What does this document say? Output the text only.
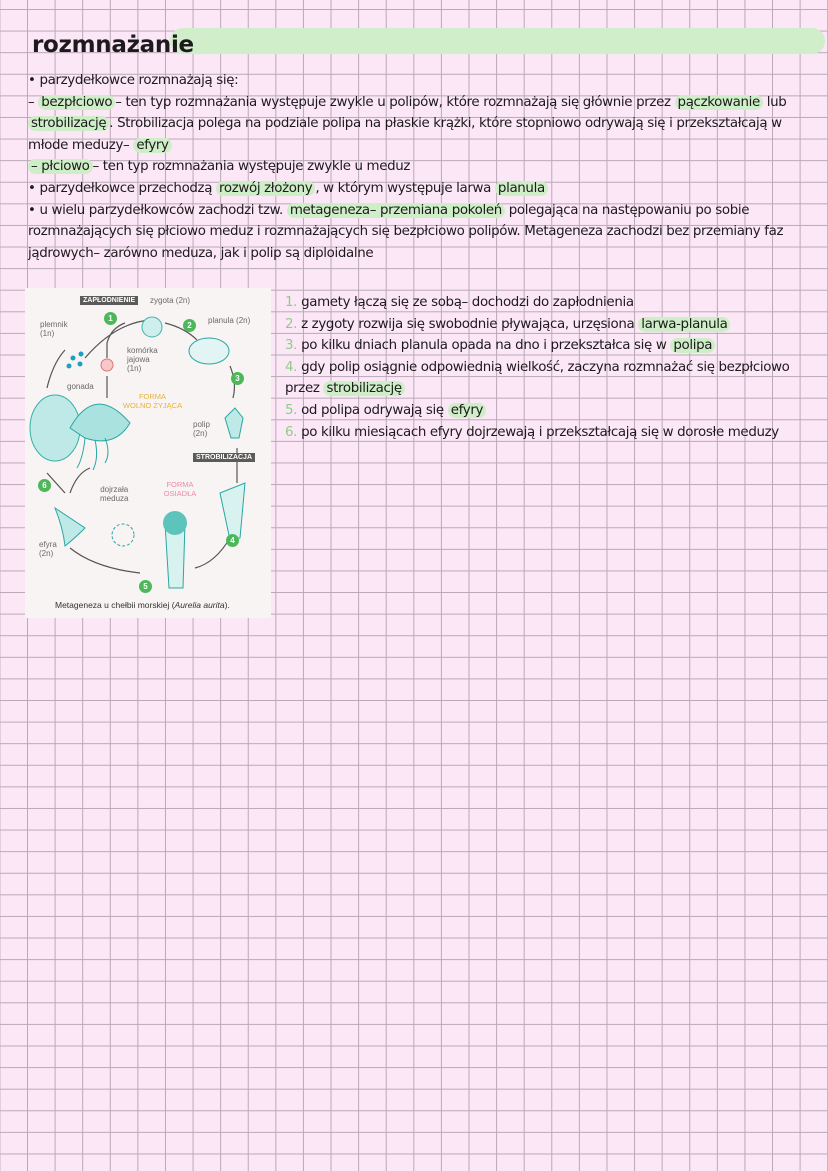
rozmnażanie
• parzydełkowce rozmnażają się:
– bezpłciowo – ten typ rozmnażania występuje zwykle u polipów, które rozmnażają się głównie przez pączkowanie lub
strobilizację . Strobilizacja polega na podziale polipa na płaskie krążki, które stopniowo odrywają się i przekształcają w
młode meduzy– efyry
– płciowo – ten typ rozmnażania występuje zwykle u meduz
• parzydełkowce przechodzą rozwój złożony , w którym występuje larwa planula
• u wielu parzydełkowców zachodzi tzw. metageneza– przemiana pokoleń polegająca na następowaniu po sobie
rozmnażających się płciowo meduz i rozmnażających się bezpłciowo polipów. Metageneza zachodzi bez przemiany faz
jądrowych– zarówno meduza, jak i polip są diploidalne
ZAPŁODNIENIE	zygota (2n)
plemnik
(1n)
planula (2n)
komórka
jajowa
(1n)
gonada
FORMA
WOLNO ŻYJĄCA
polip
(2n)
STROBILIZACJA
dojrzała
meduza
FORMA
OSIADŁA
efyra
(2n)
1
2
3
4
5
6
Metageneza u chełbii morskiej (Aurelia aurita).
1. gamety łączą się ze sobą– dochodzi do zapłodnienia
2. z zygoty rozwija się swobodnie pływająca, urzęsiona larwa-planula
3. po kilku dniach planula opada na dno i przekształca się w polipa
4. gdy polip osiągnie odpowiednią wielkość, zaczyna rozmnażać się bezpłciowo
przez strobilizację
5. od polipa odrywają się efyry
6. po kilku miesiącach efyry dojrzewają i przekształcają się w dorosłe meduzy
